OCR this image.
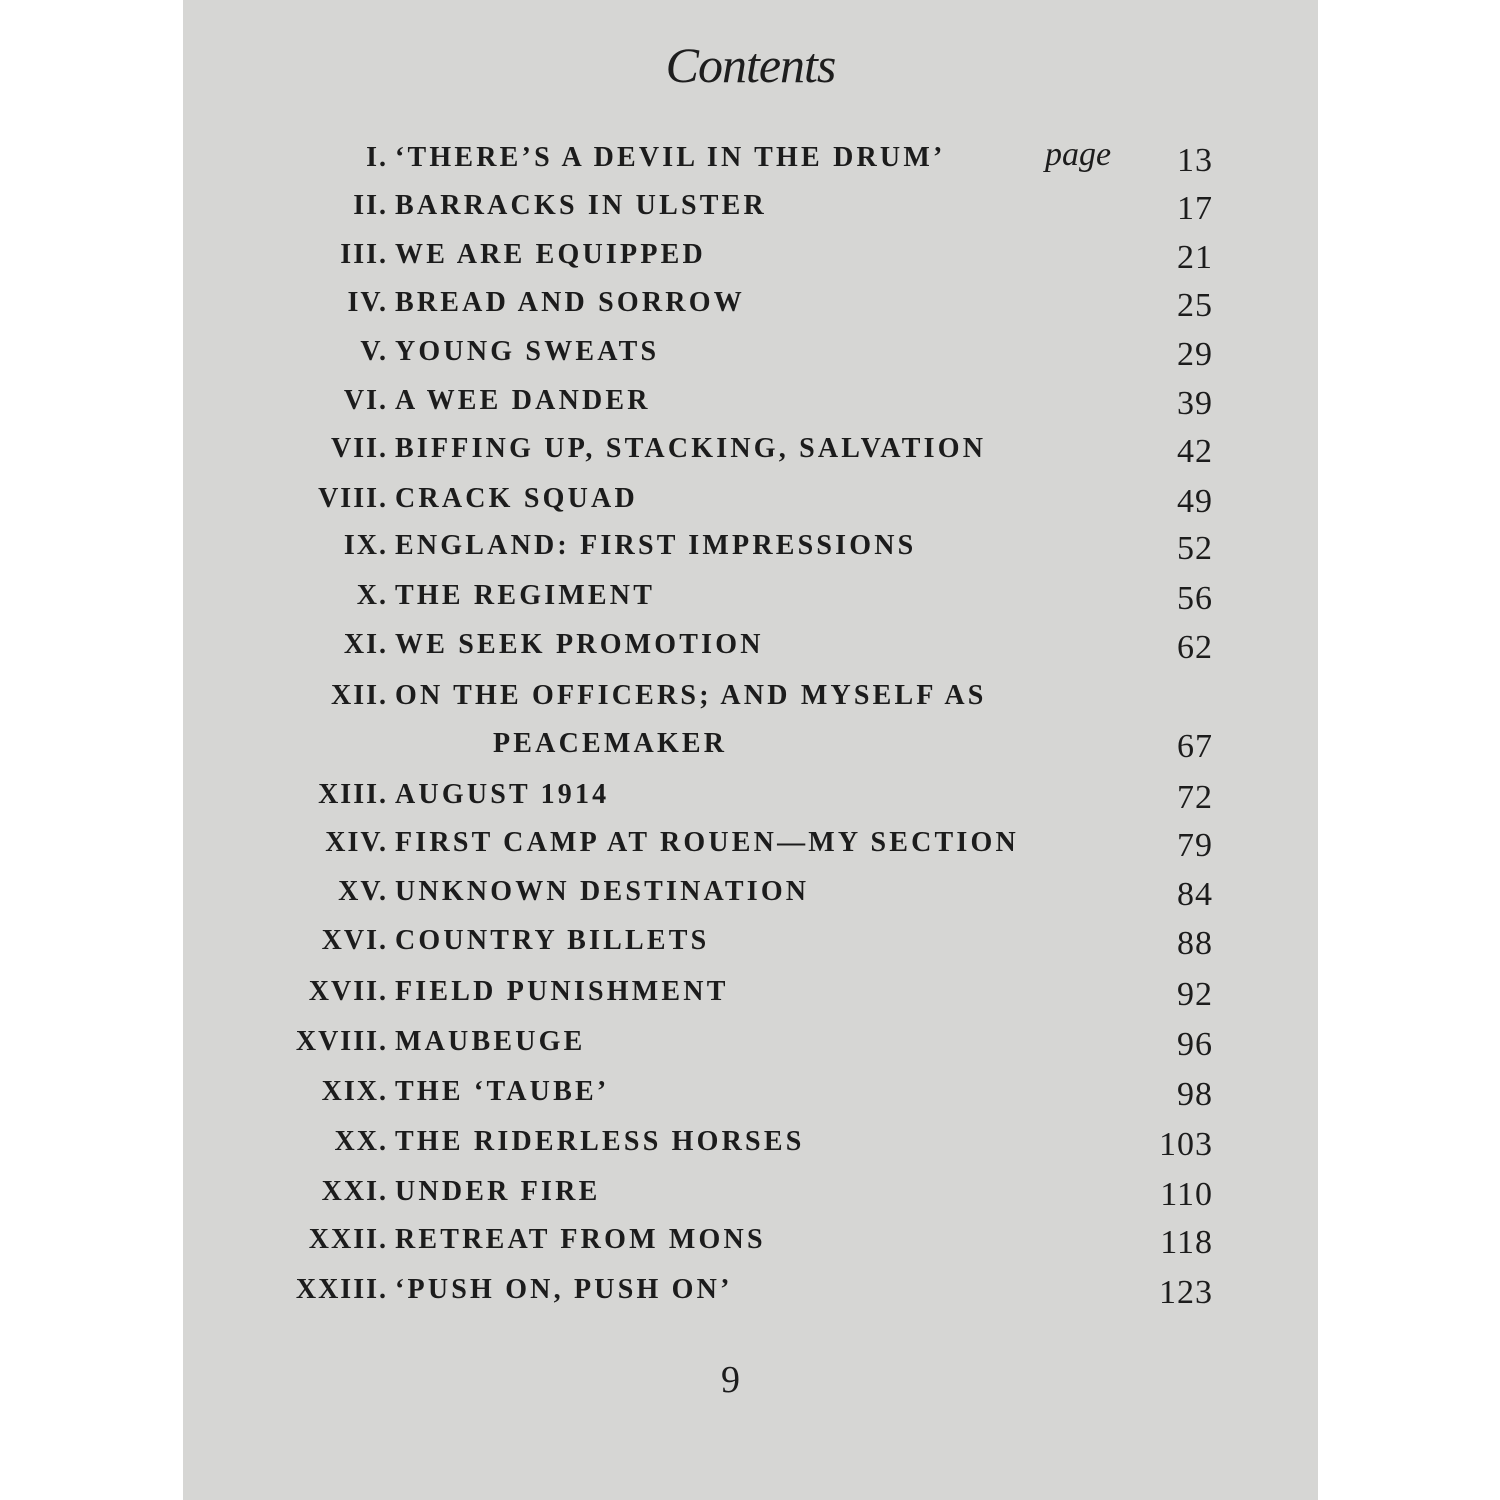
Contents
I. ‘THERE’S A DEVIL IN THE DRUM’	13
page
II. BARRACKS IN ULSTER	17
III. WE ARE EQUIPPED	21
IV. BREAD AND SORROW	25
V. YOUNG SWEATS	29
VI. A WEE DANDER	39
VII. BIFFING UP, STACKING, SALVATION	42
VIII. CRACK SQUAD	49
IX. ENGLAND: FIRST IMPRESSIONS	52
X. THE REGIMENT	56
XI. WE SEEK PROMOTION	62
XII. ON THE OFFICERS; AND MYSELF AS
PEACEMAKER	67
XIII. AUGUST 1914	72
XIV. FIRST CAMP AT ROUEN—MY SECTION	79
XV. UNKNOWN DESTINATION	84
XVI. COUNTRY BILLETS	88
XVII. FIELD PUNISHMENT	92
XVIII. MAUBEUGE	96
XIX. THE ‘TAUBE’	98
XX. THE RIDERLESS HORSES	103
XXI. UNDER FIRE	110
XXII. RETREAT FROM MONS	118
XXIII. ‘PUSH ON, PUSH ON’	123
9
